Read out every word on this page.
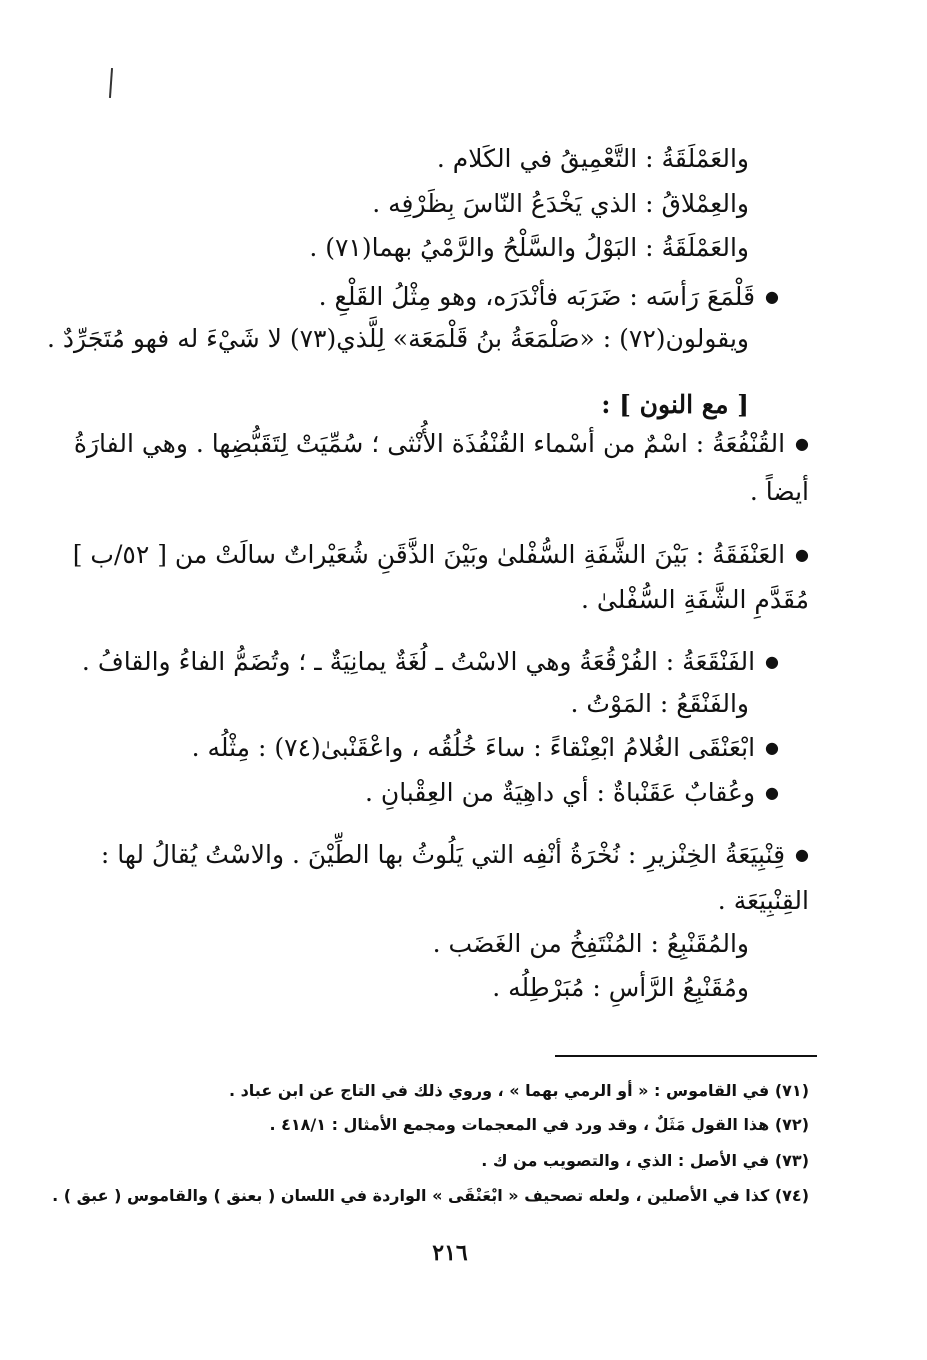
والعَمْلَقَةُ : التَّعْمِيقُ في الكَلام .
والعِمْلاقُ : الذي يَخْدَعُ النّاسَ بِظَرْفِه .
والعَمْلَقَةُ : البَوْلُ والسَّلْحُ والرَّمْيُ بهما(٧١) .
● قَلْمَعَ رَأسَه : ضَرَبَه فأنْدَرَه، وهو مِثْلُ القَلْعِ .
ويقولون(٧٢) : «صَلْمَعَةُ بنُ قَلْمَعَة» لِلَّذي(٧٣) لا شَيْءَ له فهو مُتَجَرِّدٌ .
[ مع النون ] :
● القُنْفُعَةُ : اسْمٌ من أسْماء القُنْفُذَة الأُنْثى ؛ سُمِّيَتْ لِتَقَبُّضِها . وهي الفارَةُ
أيضاً .
● العَنْفَقَةُ : بَيْنَ الشَّفَةِ السُّفْلىٰ وبَيْنَ الذَّقَنِ شُعَيْراتٌ سالَتْ من [ ٥٢/ب ]
مُقَدَّمِ الشَّفَةِ السُّفْلىٰ .
● الفَنْقَعَةُ : الفُرْقُعَةُ وهي الاسْتُ ـ لُغَةٌ يمانِيَةٌ ـ ؛ وتُضَمُّ الفاءُ والقافُ .
والفَنْقَعُ : المَوْتُ .
● ابْعَنْقَى الغُلامُ ابْعِنْقاءً : ساءَ خُلُقُه ، واعْقَنْبىٰ(٧٤) : مِثْلُه .
● وعُقابٌ عَقَنْباةٌ : أي داهِيَةٌ من العِقْبانِ .
● قِنْبِيَعَةُ الخِنْزيرِ : نُخْرَةُ أنْفِه التي يَلُوثُ بها الطِّيْنَ . والاسْتُ يُقالُ لها :
القِنْبِيَعَة .
والمُقَنْبِعُ : المُنْتَفِخُ من الغَضَب .
ومُقَنْبِعُ الرَّأسِ : مُبَرْطِلُه .
(٧١) في القاموس : « أو الرمي بهما » ، وروي ذلك في التاج عن ابن عباد .
(٧٢) هذا القول مَثَلٌ ، وقد ورد في المعجمات ومجمع الأمثال : ٤١٨/١ .
(٧٣) في الأصل : الذي ، والتصويب من ك .
(٧٤) كذا في الأصلين ، ولعله تصحيف « ابْعَنْقَى » الواردة في اللسان ( بعنق ) والقاموس ( عبق ) .
٢١٦
